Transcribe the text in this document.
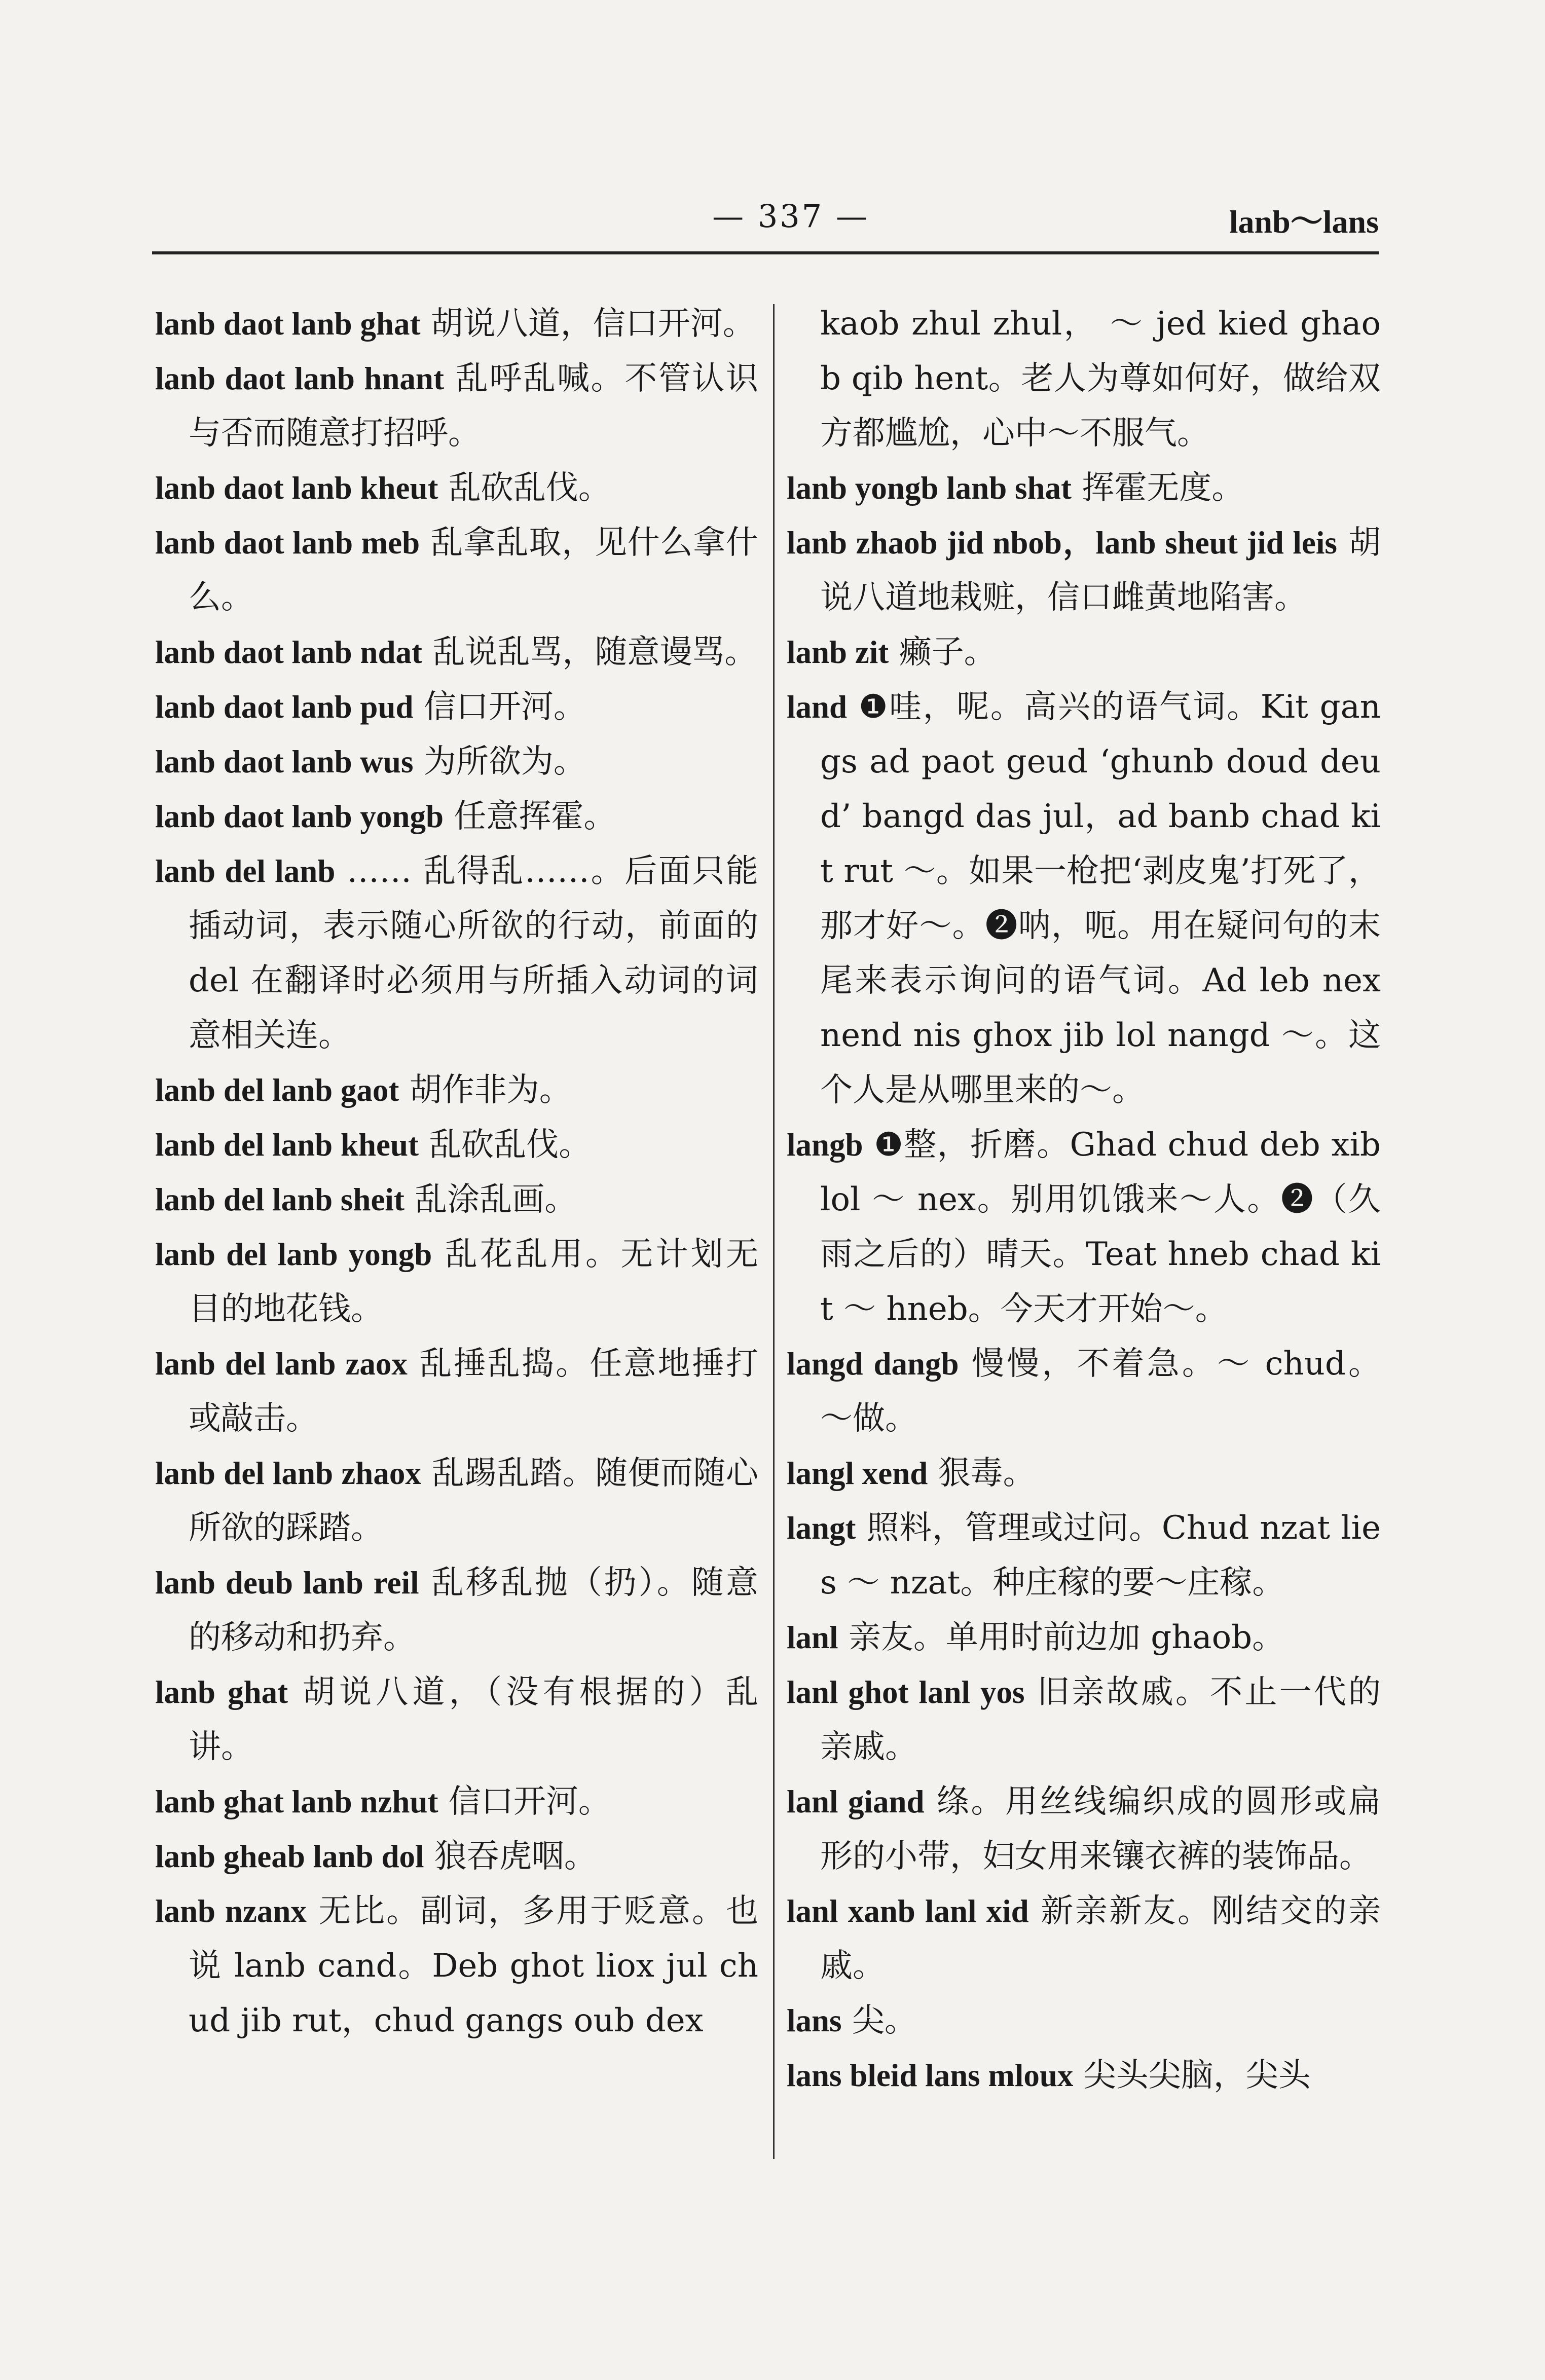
— 337 —	lanb～lans

lanb daot lanb ghat 胡说八道，信口开河。

lanb daot lanb hnant 乱呼乱喊。不管认识与否而随意打招呼。

lanb daot lanb kheut 乱砍乱伐。

lanb daot lanb meb 乱拿乱取，见什么拿什么。

lanb daot lanb ndat 乱说乱骂，随意谩骂。

lanb daot lanb pud 信口开河。

lanb daot lanb wus 为所欲为。

lanb daot lanb yongb 任意挥霍。

lanb del lanb …… 乱得乱……。后面只能插动词，表示随心所欲的行动，前面的 del 在翻译时必须用与所插入动词的词意相关连。

lanb del lanb gaot 胡作非为。

lanb del lanb kheut 乱砍乱伐。

lanb del lanb sheit 乱涂乱画。

lanb del lanb yongb 乱花乱用。无计划无目的地花钱。

lanb del lanb zaox 乱捶乱捣。任意地捶打或敲击。

lanb del lanb zhaox 乱踢乱踏。随便而随心所欲的踩踏。

lanb deub lanb reil 乱移乱抛（扔）。随意的移动和扔弃。

lanb ghat 胡说八道，（没有根据的）乱讲。

lanb ghat lanb nzhut 信口开河。

lanb gheab lanb dol 狼吞虎咽。

lanb nzanx 无比。副词，多用于贬意。也说 lanb cand。Deb ghot liox jul chud jib rut，chud gangs oub dex

kaob zhul zhul， ～ jed kied ghaob qib hent。老人为尊如何好，做给双方都尴尬，心中～不服气。

lanb yongb lanb shat 挥霍无度。

lanb zhaob jid nbob，lanb sheut jid leis 胡说八道地栽赃，信口雌黄地陷害。

lanb zit 癞子。

land ❶哇，呢。高兴的语气词。Kit gangs ad paot geud ‘ghunb doud deud’ bangd das jul，ad banb chad kit rut ～。如果一枪把‘剥皮鬼’打死了，那才好～。❷呐，呃。用在疑问句的末尾来表示询问的语气词。Ad leb nex nend nis ghox jib lol nangd ～。这个人是从哪里来的～。

langb ❶整，折磨。Ghad chud deb xib lol ～ nex。别用饥饿来～人。❷（久雨之后的）晴天。Teat hneb chad kit ～ hneb。今天才开始～。

langd dangb 慢慢，不着急。～ chud。～做。

langl xend 狠毒。

langt 照料，管理或过问。Chud nzat lies ～ nzat。种庄稼的要～庄稼。

lanl 亲友。单用时前边加 ghaob。

lanl ghot lanl yos 旧亲故戚。不止一代的亲戚。

lanl giand 绦。用丝线编织成的圆形或扁形的小带，妇女用来镶衣裤的装饰品。

lanl xanb lanl xid 新亲新友。刚结交的亲戚。

lans 尖。

lans bleid lans mloux 尖头尖脑，尖头
